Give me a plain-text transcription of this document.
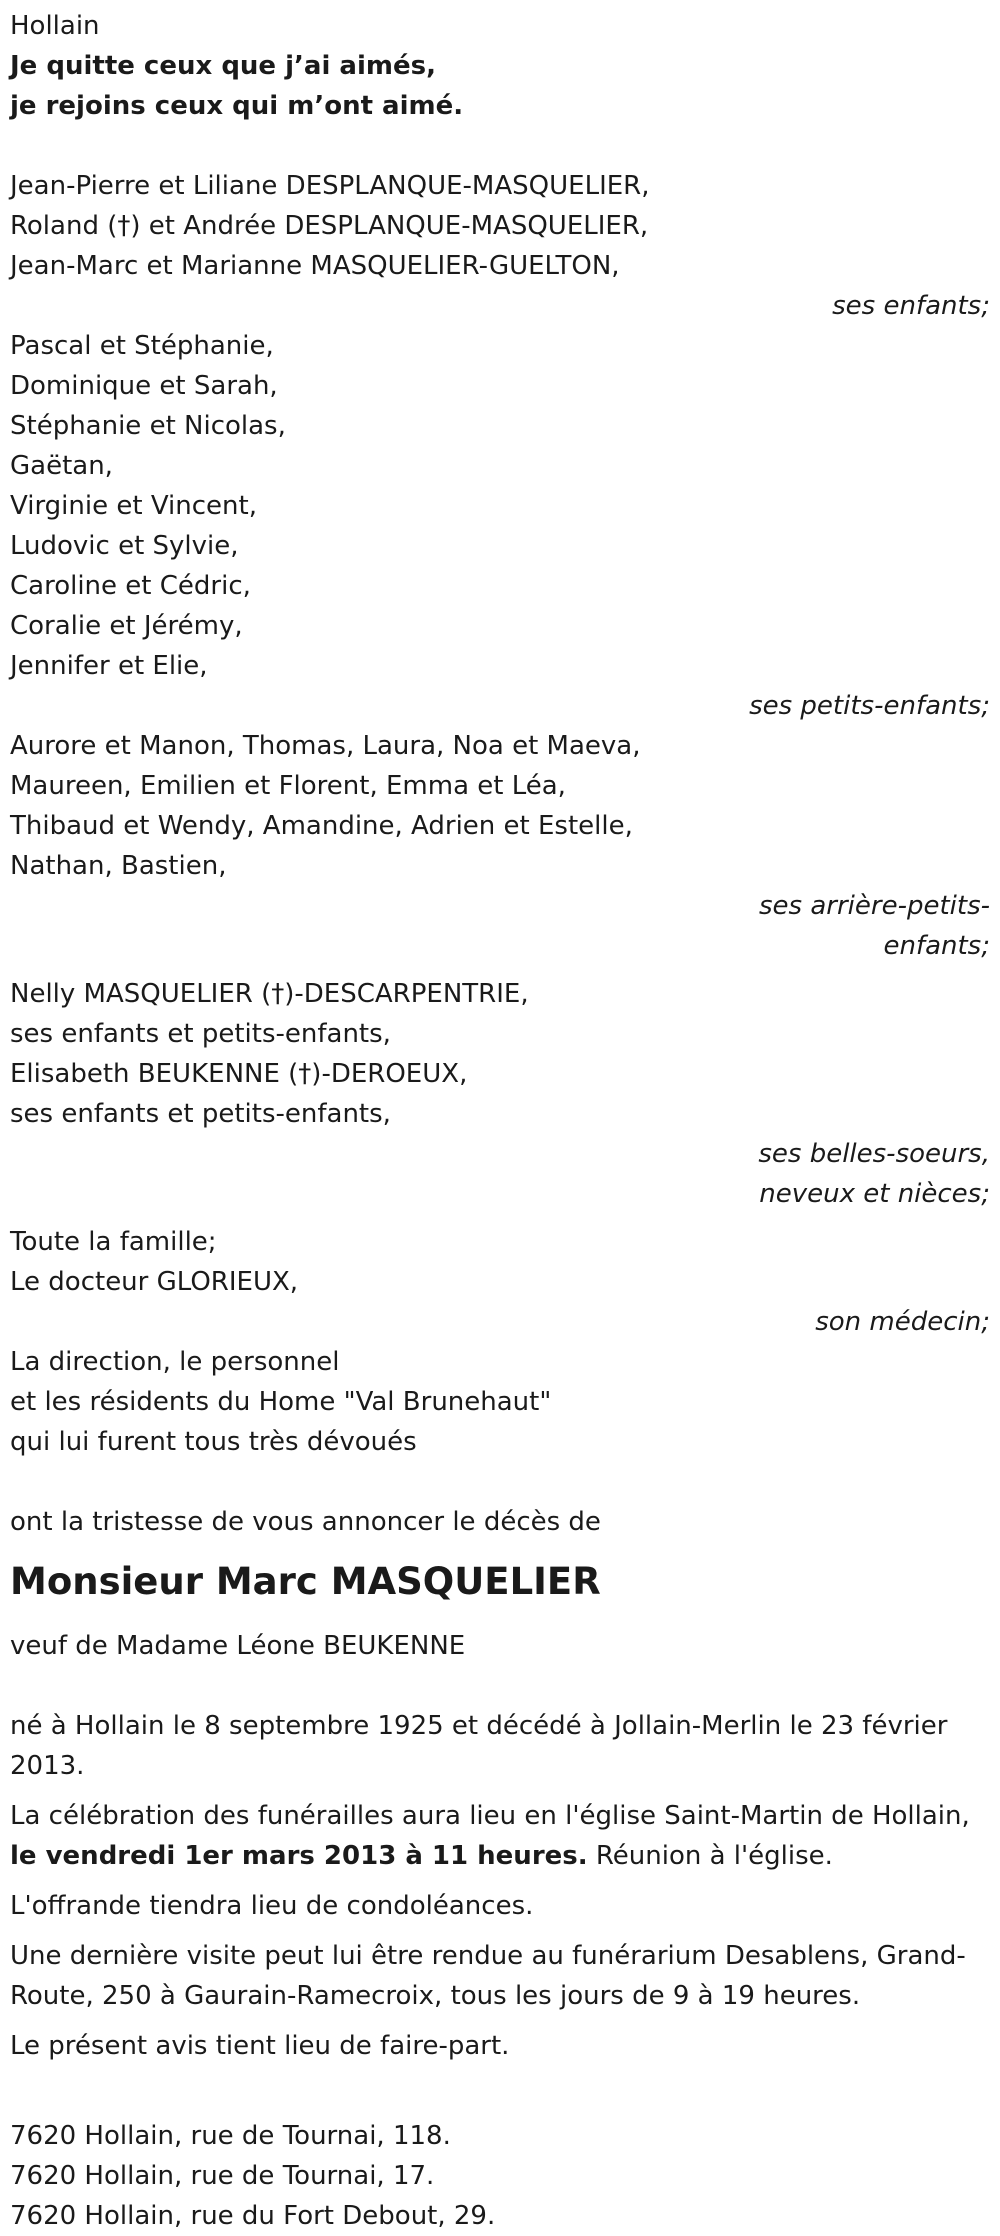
Hollain
Je quitte ceux que j’ai aimés,
je rejoins ceux qui m’ont aimé.
Jean-Pierre et Liliane DESPLANQUE-MASQUELIER,
Roland (†) et Andrée DESPLANQUE-MASQUELIER,
Jean-Marc et Marianne MASQUELIER-GUELTON,
ses enfants;
Pascal et Stéphanie,
Dominique et Sarah,
Stéphanie et Nicolas,
Gaëtan,
Virginie et Vincent,
Ludovic et Sylvie,
Caroline et Cédric,
Coralie et Jérémy,
Jennifer et Elie,
ses petits-enfants;
Aurore et Manon, Thomas, Laura, Noa et Maeva,
Maureen, Emilien et Florent, Emma et Léa,
Thibaud et Wendy, Amandine, Adrien et Estelle,
Nathan, Bastien,
ses arrière-petits-
enfants;
Nelly MASQUELIER (†)-DESCARPENTRIE,
ses enfants et petits-enfants,
Elisabeth BEUKENNE (†)-DEROEUX,
ses enfants et petits-enfants,
ses belles-soeurs,
neveux et nièces;
Toute la famille;
Le docteur GLORIEUX,
son médecin;
La direction, le personnel
et les résidents du Home "Val Brunehaut"
qui lui furent tous très dévoués
ont la tristesse de vous annoncer le décès de
Monsieur Marc MASQUELIER
veuf de Madame Léone BEUKENNE
né à Hollain le 8 septembre 1925 et décédé à Jollain-Merlin le 23 février 2013.
La célébration des funérailles aura lieu en l'église Saint-Martin de Hollain, le vendredi 1er mars 2013 à 11 heures. Réunion à l'église.
L'offrande tiendra lieu de condoléances.
Une dernière visite peut lui être rendue au funérarium Desablens, Grand-Route, 250 à Gaurain-Ramecroix, tous les jours de 9 à 19 heures.
Le présent avis tient lieu de faire-part.
7620 Hollain, rue de Tournai, 118.
7620 Hollain, rue de Tournai, 17.
7620 Hollain, rue du Fort Debout, 29.
